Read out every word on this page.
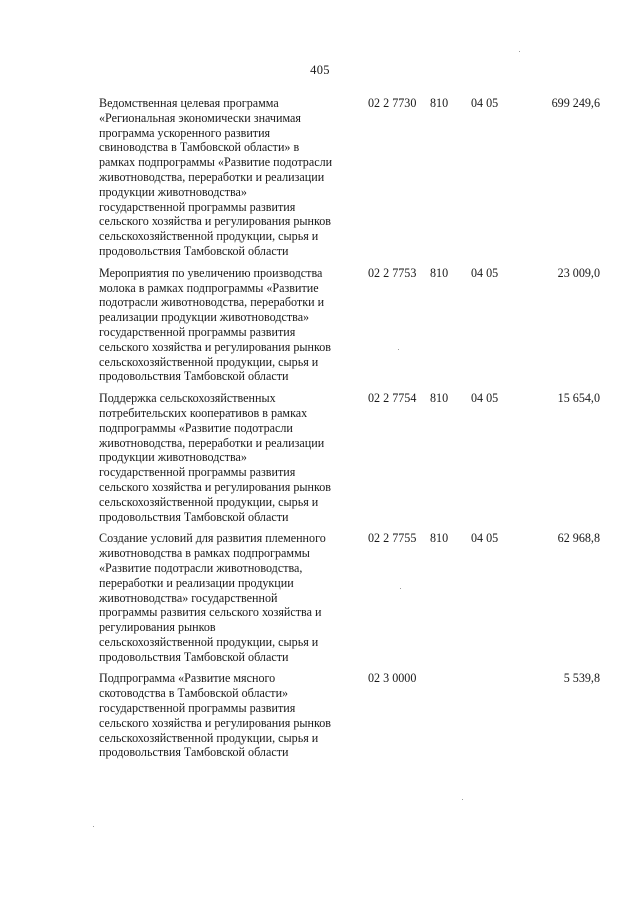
405
Ведомственная целевая программа
«Региональная экономически значимая
программа ускоренного развития
свиноводства в Тамбовской области» в
рамках подпрограммы «Развитие подотрасли
животноводства, переработки и реализации
продукции животноводства»
государственной программы развития
сельского хозяйства и регулирования рынков
сельскохозяйственной продукции, сырья и
продовольствия Тамбовской области
02 2 7730 810 04 05	699 249,6
Мероприятия по увеличению производства
молока в рамках подпрограммы «Развитие
подотрасли животноводства, переработки и
реализации продукции животноводства»
государственной программы развития
сельского хозяйства и регулирования рынков
сельскохозяйственной продукции, сырья и
продовольствия Тамбовской области
02 2 7753 810 04 05	23 009,0
Поддержка сельскохозяйственных
потребительских кооперативов в рамках
подпрограммы «Развитие подотрасли
животноводства, переработки и реализации
продукции животноводства»
государственной программы развития
сельского хозяйства и регулирования рынков
сельскохозяйственной продукции, сырья и
продовольствия Тамбовской области
02 2 7754 810 04 05	15 654,0
Создание условий для развития племенного
животноводства в рамках подпрограммы
«Развитие подотрасли животноводства,
переработки и реализации продукции
животноводства» государственной
программы развития сельского хозяйства и
регулирования рынков
сельскохозяйственной продукции, сырья и
продовольствия Тамбовской области
02 2 7755 810 04 05	62 968,8
Подпрограмма «Развитие мясного
скотоводства в Тамбовской области»
государственной программы развития
сельского хозяйства и регулирования рынков
сельскохозяйственной продукции, сырья и
продовольствия Тамбовской области
02 3 0000	5 539,8
